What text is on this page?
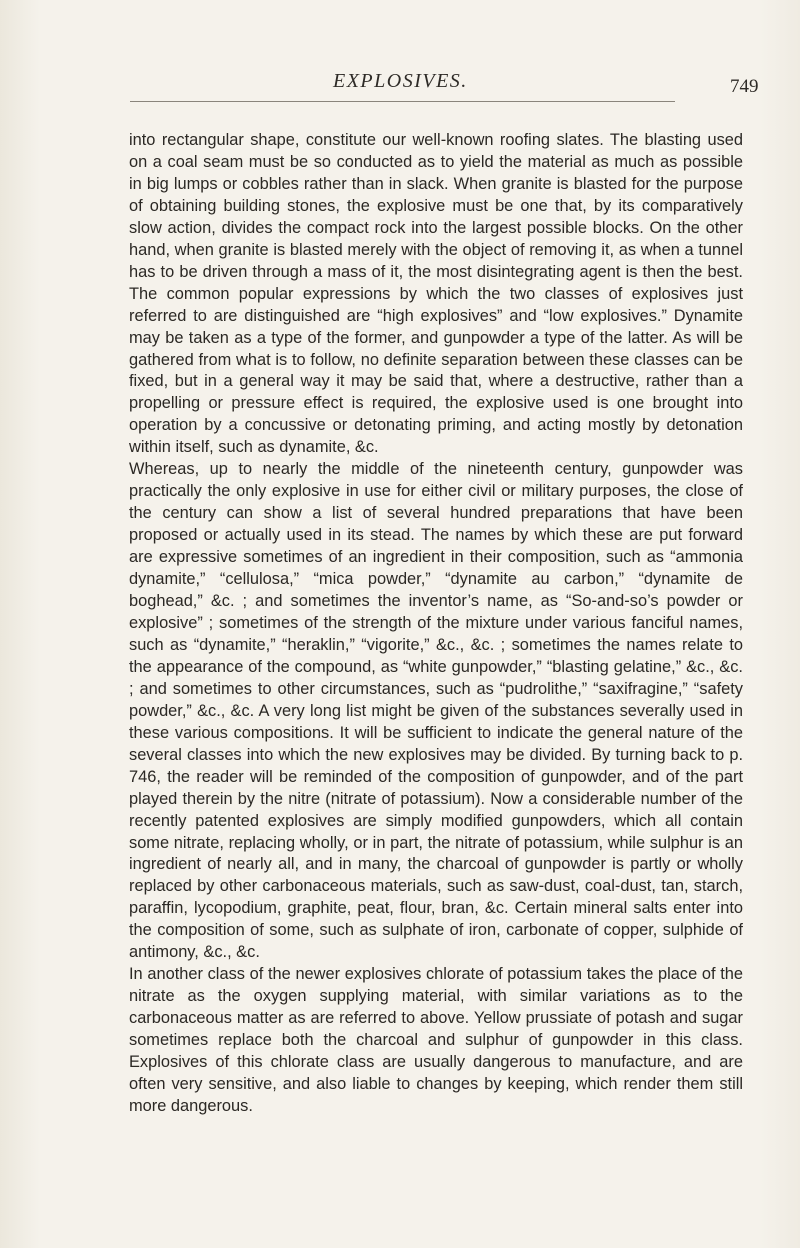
EXPLOSIVES.	749

into rectangular shape, constitute our well-known roofing slates. The blasting used on a coal seam must be so conducted as to yield the material as much as possible in big lumps or cobbles rather than in slack. When granite is blasted for the purpose of obtaining building stones, the explosive must be one that, by its comparatively slow action, divides the compact rock into the largest possible blocks. On the other hand, when granite is blasted merely with the object of removing it, as when a tunnel has to be driven through a mass of it, the most disintegrating agent is then the best. The common popular expressions by which the two classes of explosives just referred to are distinguished are “high explosives” and “low explosives.” Dynamite may be taken as a type of the former, and gunpowder a type of the latter. As will be gathered from what is to follow, no definite separation between these classes can be fixed, but in a general way it may be said that, where a destructive, rather than a propelling or pressure effect is required, the explosive used is one brought into operation by a concussive or detonating priming, and acting mostly by detonation within itself, such as dynamite, &c.

Whereas, up to nearly the middle of the nineteenth century, gunpowder was practically the only explosive in use for either civil or military purposes, the close of the century can show a list of several hundred preparations that have been proposed or actually used in its stead. The names by which these are put forward are expressive sometimes of an ingredient in their composition, such as “ammonia dynamite,” “cellulosa,” “mica powder,” “dynamite au carbon,” “dynamite de boghead,” &c. ; and sometimes the inventor’s name, as “So-and-so’s powder or explosive” ; sometimes of the strength of the mixture under various fanciful names, such as “dynamite,” “heraklin,” “vigorite,” &c., &c. ; sometimes the names relate to the appearance of the compound, as “white gunpowder,” “blasting gelatine,” &c., &c. ; and sometimes to other circumstances, such as “pudrolithe,” “saxifragine,” “safety powder,” &c., &c. A very long list might be given of the substances severally used in these various compositions. It will be sufficient to indicate the general nature of the several classes into which the new explosives may be divided. By turning back to p. 746, the reader will be reminded of the composition of gunpowder, and of the part played therein by the nitre (nitrate of potassium). Now a considerable number of the recently patented explosives are simply modified gunpowders, which all contain some nitrate, replacing wholly, or in part, the nitrate of potassium, while sulphur is an ingredient of nearly all, and in many, the charcoal of gunpowder is partly or wholly replaced by other carbonaceous materials, such as saw-dust, coal-dust, tan, starch, paraffin, lycopodium, graphite, peat, flour, bran, &c. Certain mineral salts enter into the composition of some, such as sulphate of iron, carbonate of copper, sulphide of antimony, &c., &c.

In another class of the newer explosives chlorate of potassium takes the place of the nitrate as the oxygen supplying material, with similar variations as to the carbonaceous matter as are referred to above. Yellow prussiate of potash and sugar sometimes replace both the charcoal and sulphur of gunpowder in this class. Explosives of this chlorate class are usually dangerous to manufacture, and are often very sensitive, and also liable to changes by keeping, which render them still more dangerous.
